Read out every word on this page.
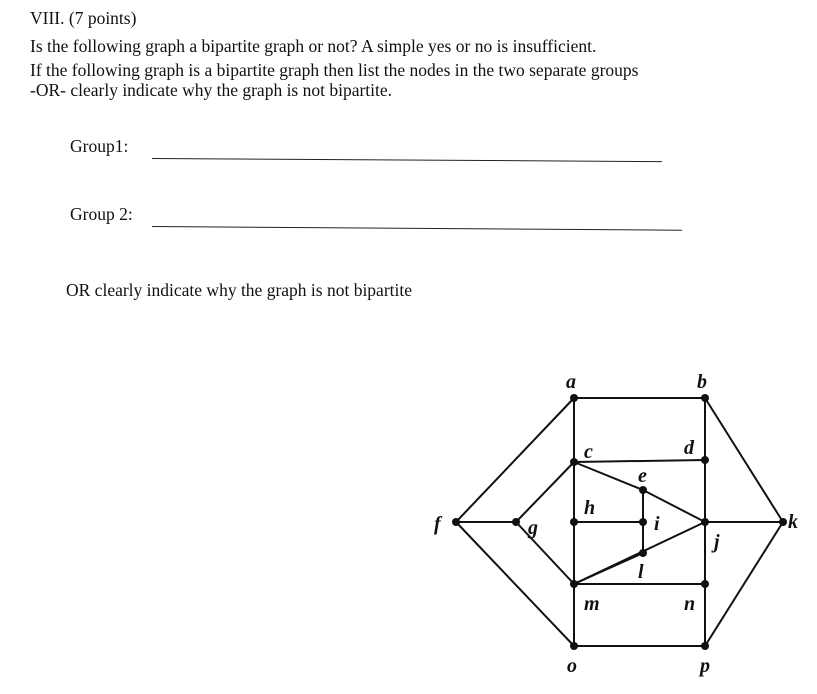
VIII. (7 points)
Is the following graph a bipartite graph or not? A simple yes or no is insufficient.
If the following graph is a bipartite graph then list the nodes in the two separate groups
-OR- clearly indicate why the graph is not bipartite.
Group1:
Group 2:
OR clearly indicate why the graph is not bipartite
a	b
c	d
e
f	g
h
i
j
k
l
m	n
o	p
